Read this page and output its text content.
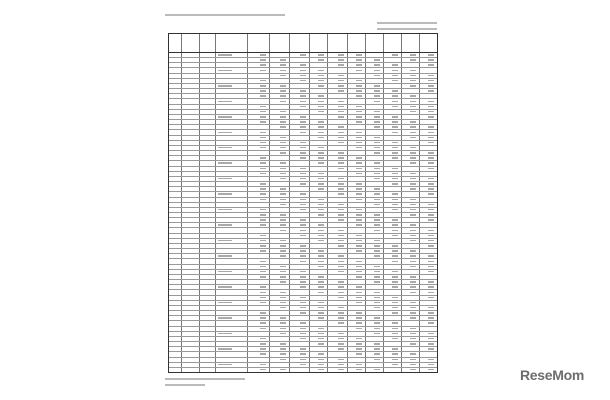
ReseMom
